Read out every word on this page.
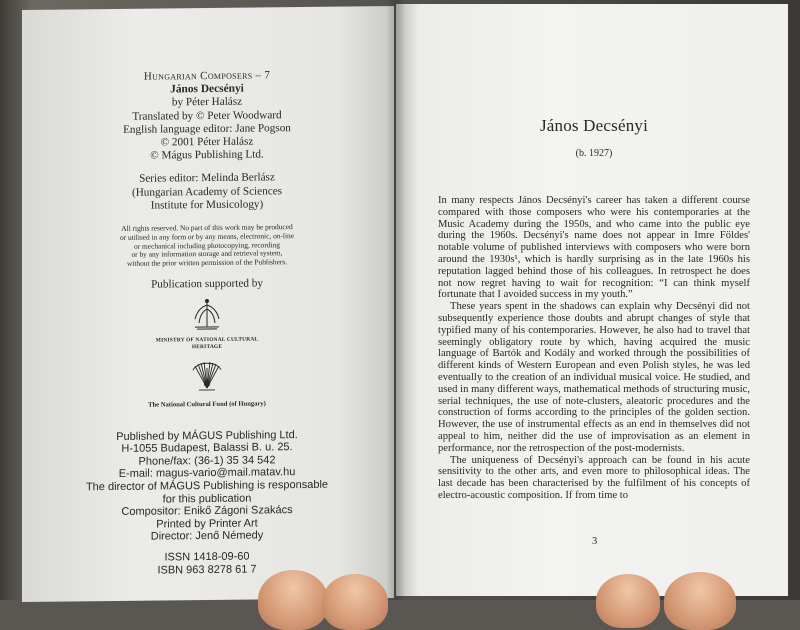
Hungarian Composers – 7
János Decsényi
by Péter Halász
Translated by © Peter Woodward
English language editor: Jane Pogson
© 2001 Péter Halász
© Mágus Publishing Ltd.
Series editor: Melinda Berlász
(Hungarian Academy of Sciences
Institute for Musicology)
All rights reserved. No part of this work may be produced
or utilised in any form or by any means, electronic, on-line
or mechanical including photocopying, recording
or by any information storage and retrieval system,
without the prior written permission of the Publishers.
Publication supported by
MINISTRY OF NATIONAL CULTURAL
HERITAGE
The National Cultural Fund (of Hungary)
Published by MÁGUS Publishing Ltd.
H-1055 Budapest, Balassi B. u. 25.
Phone/fax: (36-1) 35 34 542
E-mail: magus-vario@mail.matav.hu
The director of MÁGUS Publishing is responsable
for this publication
Compositor: Enikő Zágoni Szakács
Printed by Printer Art
Director: Jenő Némedy
ISSN 1418-09-60
ISBN 963 8278 61 7
János Decsényi
(b. 1927)

In many respects János Decsényi's career has taken a different course compared with those composers who were his contemporaries at the Music Academy during the 1950s, and who came into the public eye during the 1960s. Decsényi's name does not appear in Imre Földes' notable volume of published interviews with composers who were born around the 1930s¹, which is hardly surprising as in the late 1960s his reputation lagged behind those of his colleagues. In retrospect he does not now regret having to wait for recognition: “I can think myself fortunate that I avoided success in my youth.”

These years spent in the shadows can explain why Decsényi did not subsequently experience those doubts and abrupt changes of style that typified many of his contemporaries. However, he also had to travel that seemingly obligatory route by which, having acquired the music language of Bartók and Kodály and worked through the possibilities of different kinds of Western European and even Polish styles, he was led eventually to the creation of an individual musical voice. He studied, and used in many different ways, mathematical methods of structuring music, serial techniques, the use of note-clusters, aleatoric procedures and the construction of forms according to the principles of the golden section. However, the use of instrumental effects as an end in themselves did not appeal to him, neither did the use of improvisation as an element in performance, nor the retrospection of the post-modernists.

The uniqueness of Decsényi's approach can be found in his acute sensitivity to the other arts, and even more to philosophical ideas. The last decade has been characterised by the fulfilment of his concepts of electro-acoustic composition. If from time to

3
